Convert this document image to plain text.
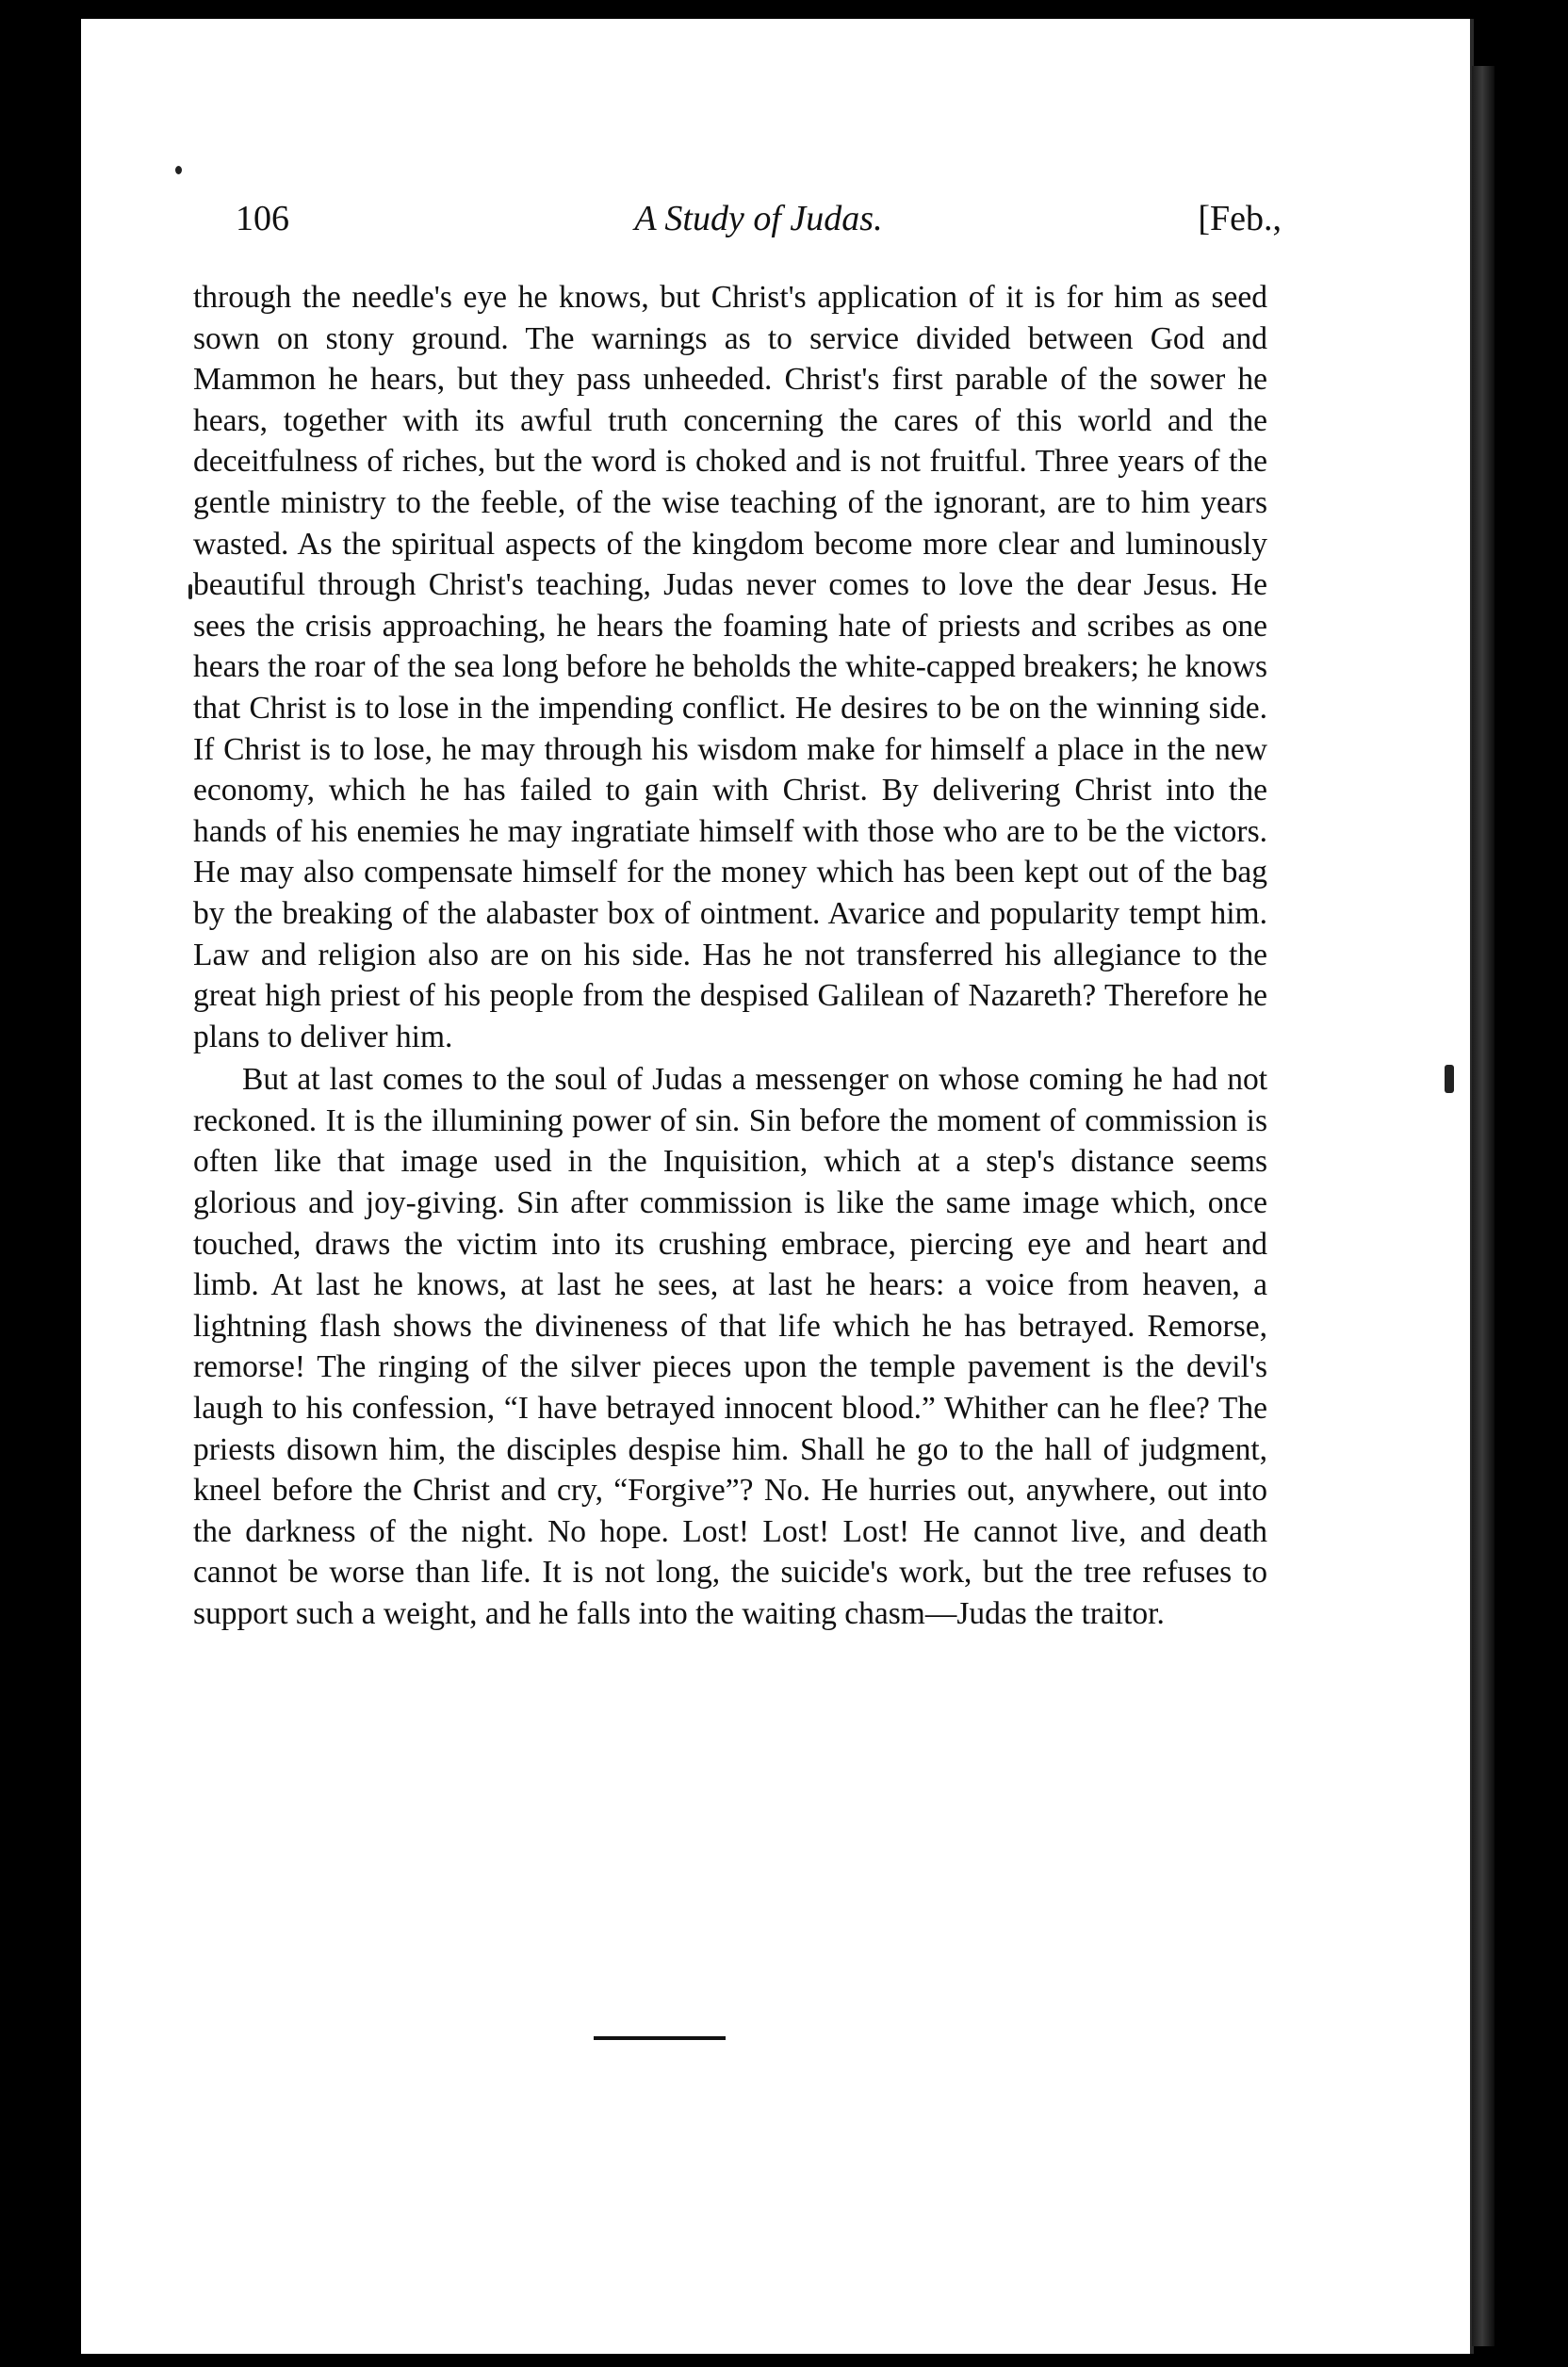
106	A Study of Judas.	[Feb.,

through the needle's eye he knows, but Christ's application of it is for him as seed sown on stony ground. The warnings as to service divided between God and Mammon he hears, but they pass unheeded. Christ's first parable of the sower he hears, together with its awful truth concerning the cares of this world and the deceitfulness of riches, but the word is choked and is not fruitful. Three years of the gentle ministry to the feeble, of the wise teaching of the ignorant, are to him years wasted. As the spiritual aspects of the kingdom become more clear and luminously beautiful through Christ's teaching, Judas never comes to love the dear Jesus. He sees the crisis approaching, he hears the foaming hate of priests and scribes as one hears the roar of the sea long before he beholds the white-capped breakers; he knows that Christ is to lose in the impending conflict. He desires to be on the winning side. If Christ is to lose, he may through his wisdom make for himself a place in the new economy, which he has failed to gain with Christ. By delivering Christ into the hands of his enemies he may ingratiate himself with those who are to be the victors. He may also compensate himself for the money which has been kept out of the bag by the breaking of the alabaster box of ointment. Avarice and popularity tempt him. Law and religion also are on his side. Has he not transferred his allegiance to the great high priest of his people from the despised Galilean of Nazareth? Therefore he plans to deliver him.

But at last comes to the soul of Judas a messenger on whose coming he had not reckoned. It is the illumining power of sin. Sin before the moment of commission is often like that image used in the Inquisition, which at a step's distance seems glorious and joy-giving. Sin after commission is like the same image which, once touched, draws the victim into its crushing embrace, piercing eye and heart and limb. At last he knows, at last he sees, at last he hears: a voice from heaven, a lightning flash shows the divineness of that life which he has betrayed. Remorse, remorse! The ringing of the silver pieces upon the temple pavement is the devil's laugh to his confession, “I have betrayed innocent blood.” Whither can he flee? The priests disown him, the disciples despise him. Shall he go to the hall of judgment, kneel before the Christ and cry, “Forgive”? No. He hurries out, anywhere, out into the darkness of the night. No hope. Lost! Lost! Lost! He cannot live, and death cannot be worse than life. It is not long, the suicide's work, but the tree refuses to support such a weight, and he falls into the waiting chasm—Judas the traitor.
